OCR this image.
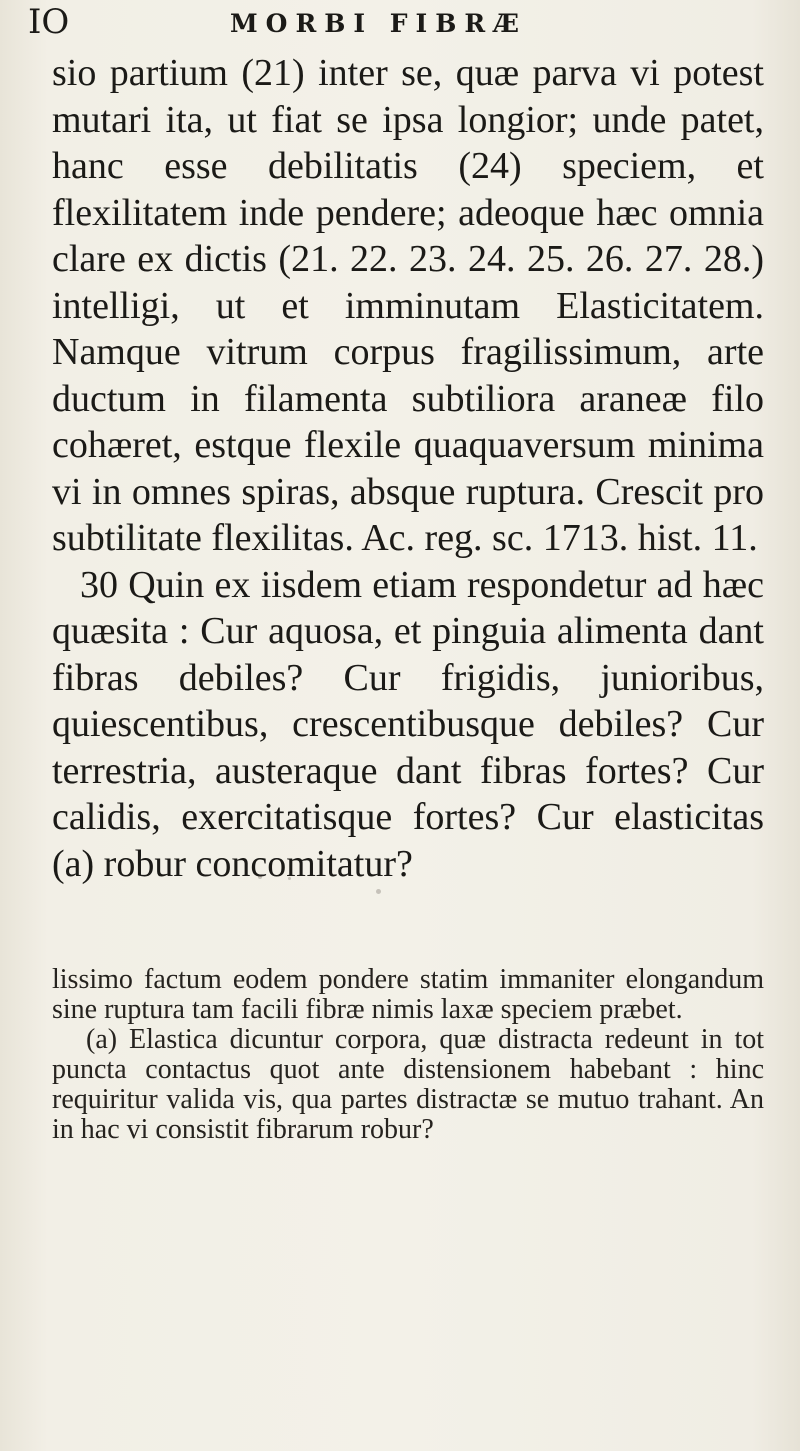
IO	MORBI FIBRÆ

sio partium (21) inter se, quæ parva vi potest mutari ita, ut fiat se ipsa longior; unde patet, hanc esse debilitatis (24) speciem, et flexilitatem inde pendere; adeoque hæc omnia clare ex dictis (21. 22. 23. 24. 25. 26. 27. 28.) intelligi, ut et imminutam Elasticitatem. Namque vitrum corpus fragilissimum, arte ductum in filamenta subtiliora araneæ filo cohæret, estque flexile quaquaversum minima vi in omnes spiras, absque ruptura. Crescit pro subtilitate flexilitas. Ac. reg. sc. 1713. hist. 11.

30 Quin ex iisdem etiam respondetur ad hæc quæsita : Cur aquosa, et pinguia alimenta dant fibras debiles? Cur frigidis, junioribus, quiescentibus, crescentibusque debiles? Cur terrestria, austeraque dant fibras fortes? Cur calidis, exercitatisque fortes? Cur elasticitas (a) robur concomitatur?

lissimo factum eodem pondere statim immaniter elongandum sine ruptura tam facili fibræ nimis laxæ speciem præbet.

(a) Elastica dicuntur corpora, quæ distracta redeunt in tot puncta contactus quot ante distensionem habebant : hinc requiritur valida vis, qua partes distractæ se mutuo trahant. An in hac vi consistit fibrarum robur?
